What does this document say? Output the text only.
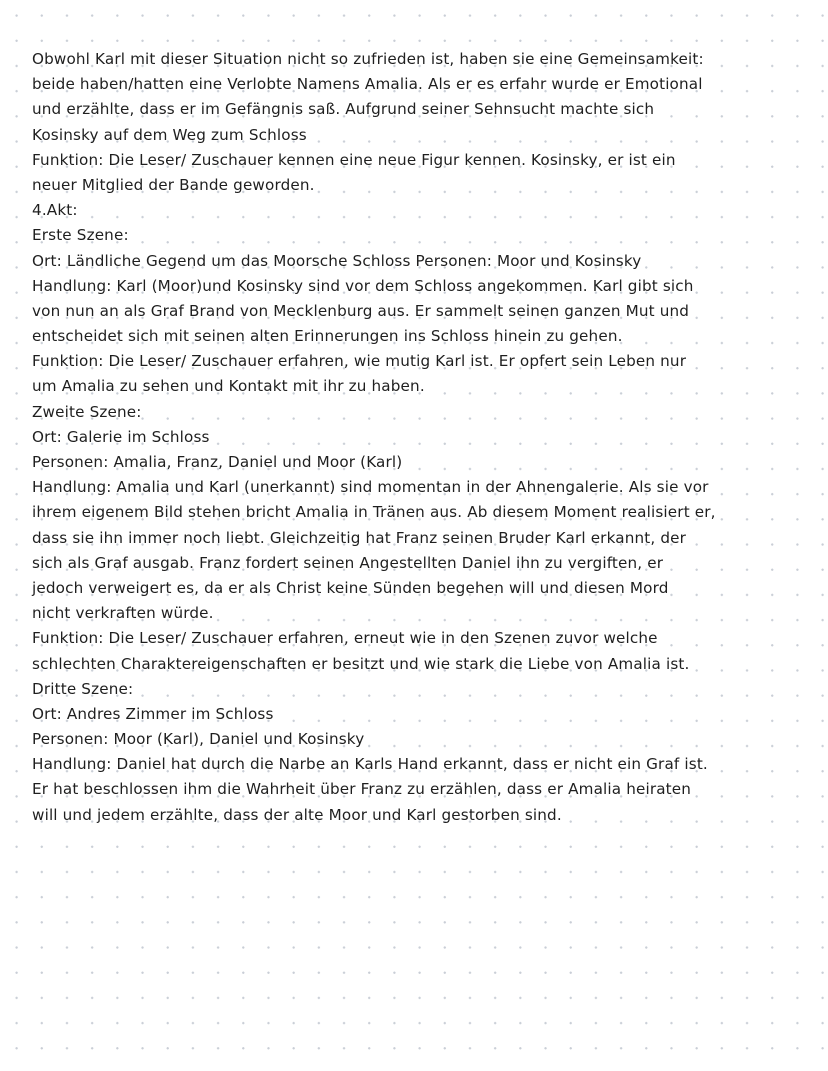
Obwohl Karl mit dieser Situation nicht so zufrieden ist, haben sie eine Gemeinsamkeit:
beide haben/hatten eine Verlobte Namens Amalia. Als er es erfahr wurde er Emotional
und erzählte, dass er im Gefängnis saß. Aufgrund seiner Sehnsucht machte sich
Kosinsky auf dem Weg zum Schloss
Funktion: Die Leser/ Zuschauer kennen eine neue Figur kennen. Kosinsky, er ist ein
neuer Mitglied der Bande geworden.
4.Akt:
Erste Szene:
Ort: Ländliche Gegend um das Moorsche Schloss Personen: Moor und Kosinsky
Handlung: Karl (Moor)und Kosinsky sind vor dem Schloss angekommen. Karl gibt sich
von nun an als Graf Brand von Mecklenburg aus. Er sammelt seinen ganzen Mut und
entscheidet sich mit seinen alten Erinnerungen ins Schloss hinein zu gehen.
Funktion: Die Leser/ Zuschauer erfahren, wie mutig Karl ist. Er opfert sein Leben nur
um Amalia zu sehen und Kontakt mit ihr zu haben.
Zweite Szene:
Ort: Galerie im Schloss
Personen: Amalia, Franz, Daniel und Moor (Karl)
Handlung: Amalia und Karl (unerkannt) sind momentan in der Ahnengalerie. Als sie vor
ihrem eigenem Bild stehen bricht Amalia in Tränen aus. Ab diesem Moment realisiert er,
dass sie ihn immer noch liebt. Gleichzeitig hat Franz seinen Bruder Karl erkannt, der
sich als Graf ausgab. Franz fordert seinen Angestellten Daniel ihn zu vergiften, er
jedoch verweigert es, da er als Christ keine Sünden begehen will und diesen Mord
nicht verkraften würde.
Funktion: Die Leser/ Zuschauer erfahren, erneut wie in den Szenen zuvor welche
schlechten Charaktereigenschaften er besitzt und wie stark die Liebe von Amalia ist.
Dritte Szene:
Ort: Andres Zimmer im Schloss
Personen: Moor (Karl), Daniel und Kosinsky
Handlung: Daniel hat durch die Narbe an Karls Hand erkannt, dass er nicht ein Graf ist.
Er hat beschlossen ihm die Wahrheit über Franz zu erzählen, dass er Amalia heiraten
will und jedem erzählte, dass der alte Moor und Karl gestorben sind.
